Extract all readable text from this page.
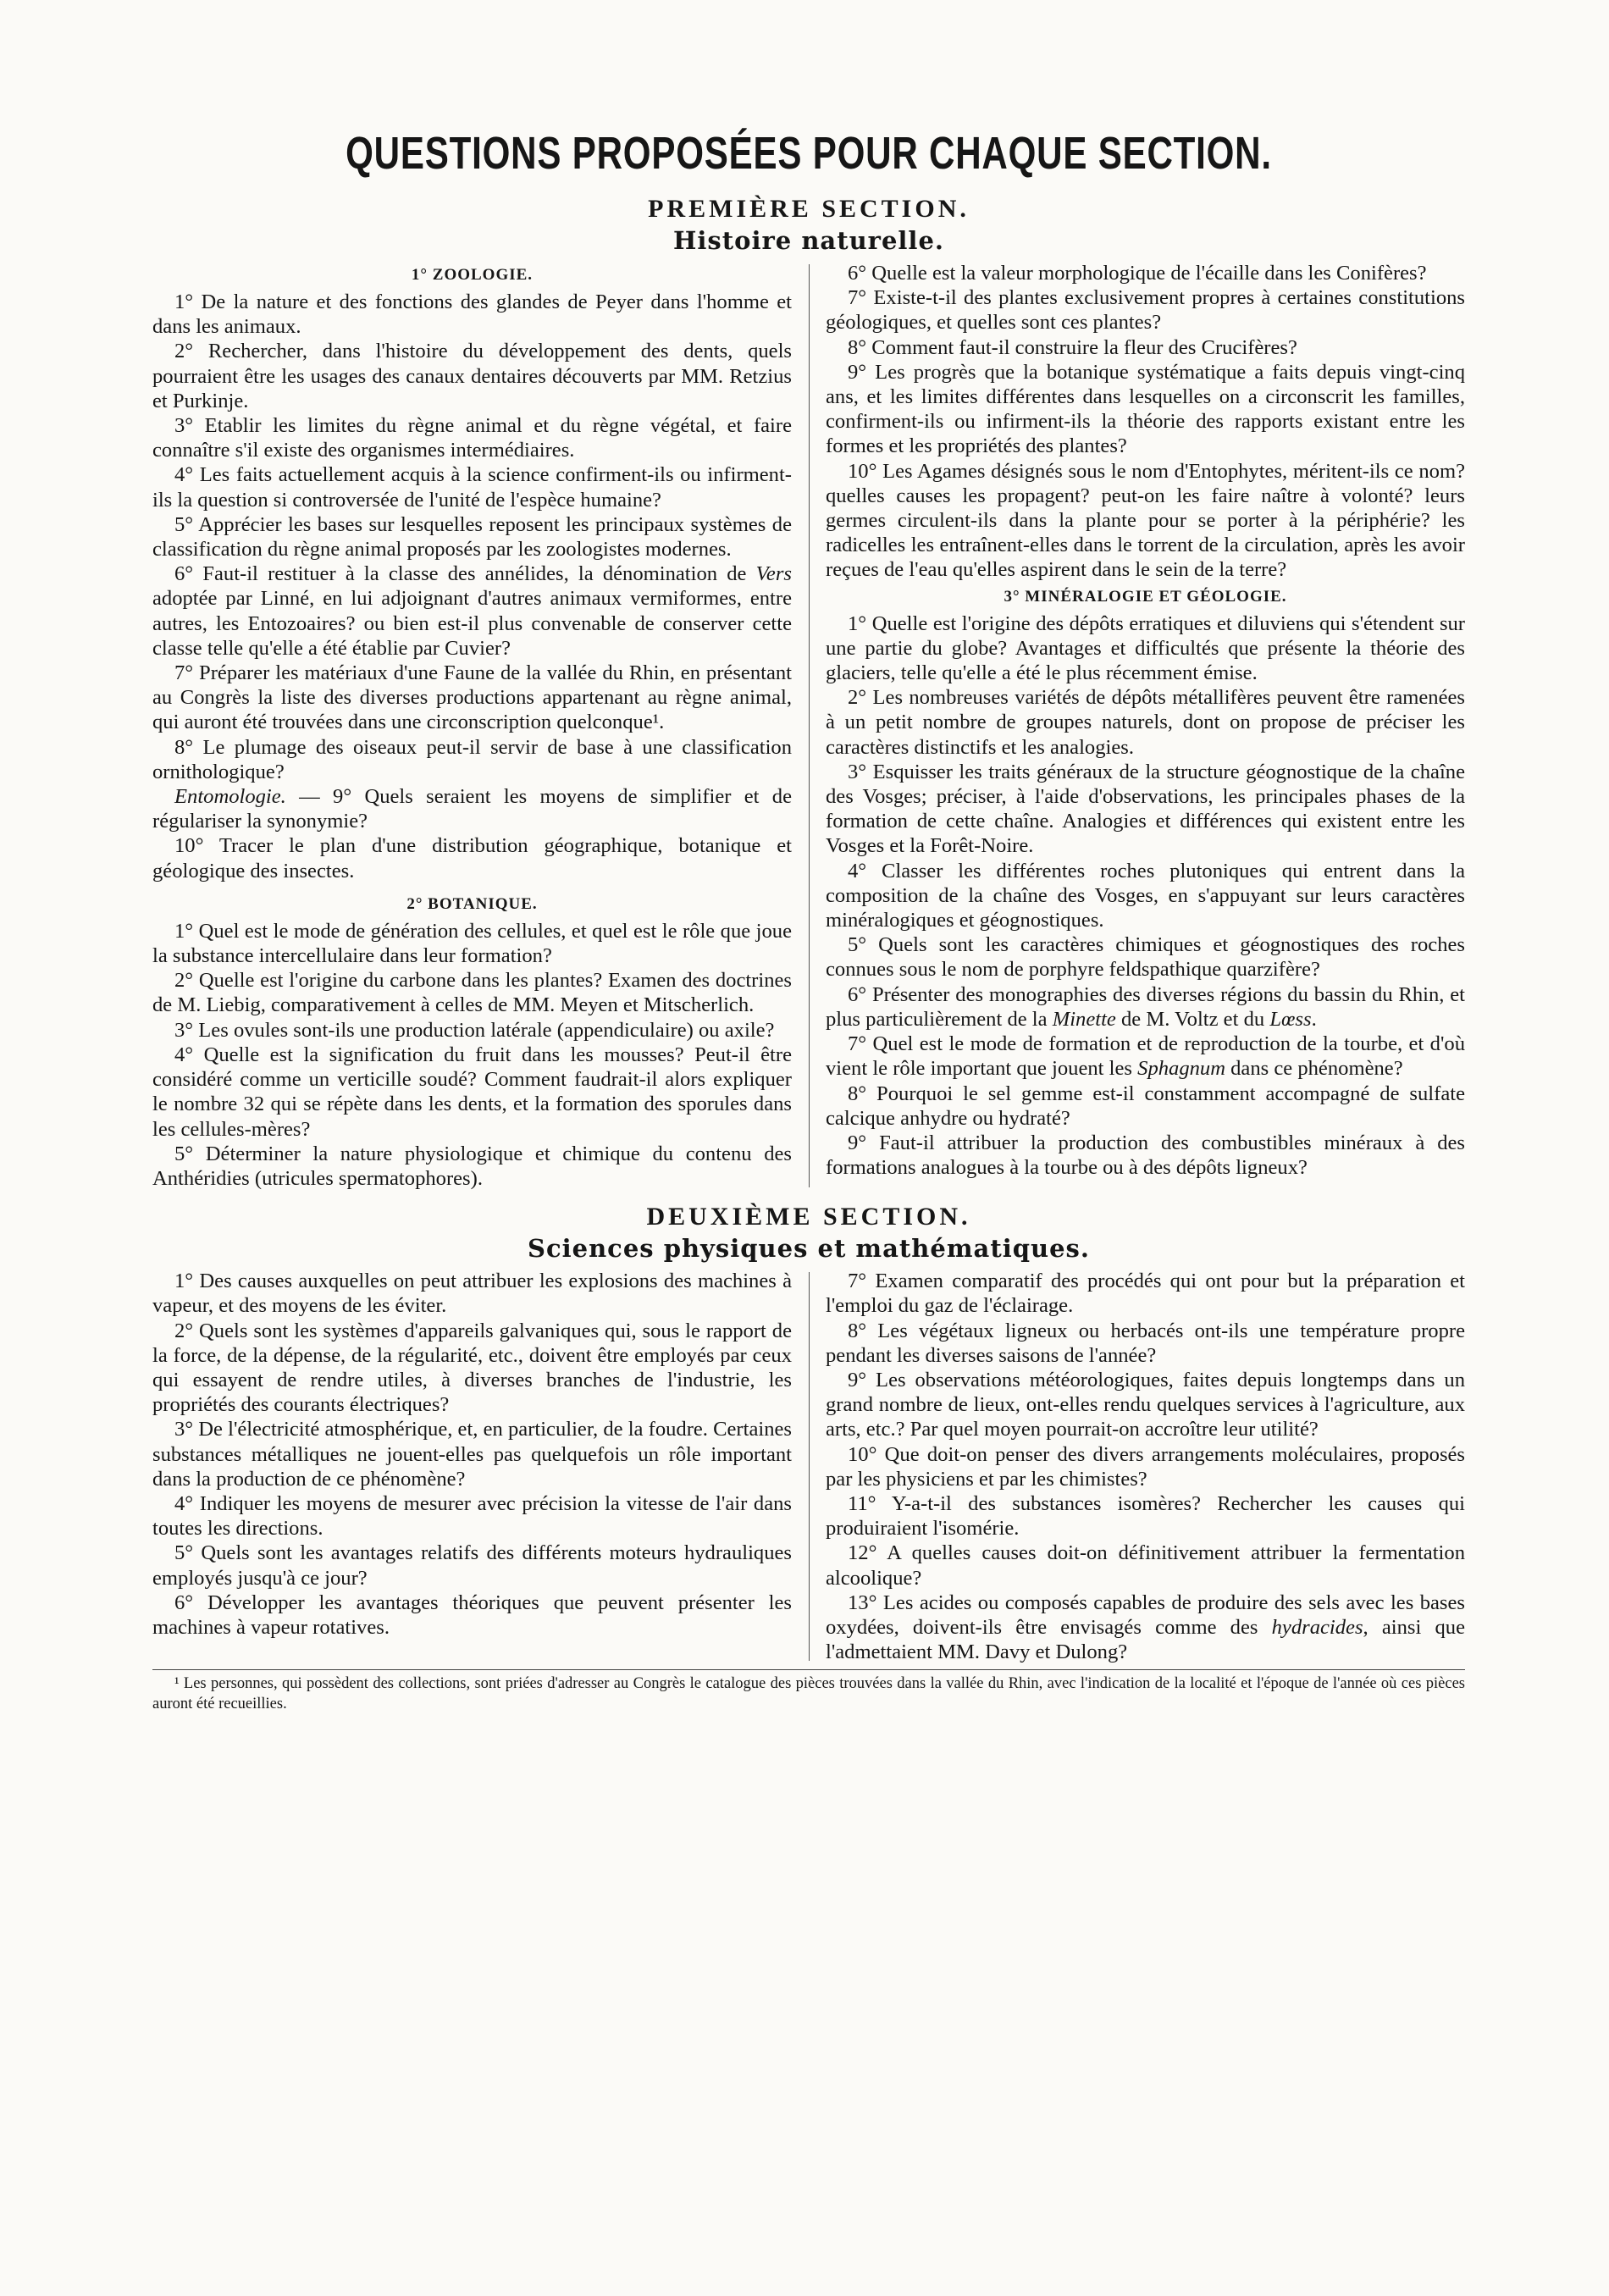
QUESTIONS PROPOSÉES POUR CHAQUE SECTION.
PREMIÈRE SECTION.
Histoire naturelle.
1° ZOOLOGIE.

1° De la nature et des fonctions des glandes de Peyer dans l'homme et dans les animaux.

2° Rechercher, dans l'histoire du développement des dents, quels pourraient être les usages des canaux dentaires découverts par MM. Retzius et Purkinje.

3° Etablir les limites du règne animal et du règne végétal, et faire connaître s'il existe des organismes intermédiaires.

4° Les faits actuellement acquis à la science confirment-ils ou infirment-ils la question si controversée de l'unité de l'espèce humaine?

5° Apprécier les bases sur lesquelles reposent les principaux systèmes de classification du règne animal proposés par les zoologistes modernes.

6° Faut-il restituer à la classe des annélides, la dénomination de Vers adoptée par Linné, en lui adjoignant d'autres animaux vermiformes, entre autres, les Entozoaires? ou bien est-il plus convenable de conserver cette classe telle qu'elle a été établie par Cuvier?

7° Préparer les matériaux d'une Faune de la vallée du Rhin, en présentant au Congrès la liste des diverses productions appartenant au règne animal, qui auront été trouvées dans une circonscription quelconque¹.

8° Le plumage des oiseaux peut-il servir de base à une classification ornithologique?

Entomologie. — 9° Quels seraient les moyens de simplifier et de régulariser la synonymie?

10° Tracer le plan d'une distribution géographique, botanique et géologique des insectes.

2° BOTANIQUE.

1° Quel est le mode de génération des cellules, et quel est le rôle que joue la substance intercellulaire dans leur formation?

2° Quelle est l'origine du carbone dans les plantes? Examen des doctrines de M. Liebig, comparativement à celles de MM. Meyen et Mitscherlich.

3° Les ovules sont-ils une production latérale (appendiculaire) ou axile?

4° Quelle est la signification du fruit dans les mousses? Peut-il être considéré comme un verticille soudé? Comment faudrait-il alors expliquer le nombre 32 qui se répète dans les dents, et la formation des sporules dans les cellules-mères?

5° Déterminer la nature physiologique et chimique du contenu des Anthéridies (utricules spermatophores).

6° Quelle est la valeur morphologique de l'écaille dans les Conifères?

7° Existe-t-il des plantes exclusivement propres à certaines constitutions géologiques, et quelles sont ces plantes?

8° Comment faut-il construire la fleur des Crucifères?

9° Les progrès que la botanique systématique a faits depuis vingt-cinq ans, et les limites différentes dans lesquelles on a circonscrit les familles, confirment-ils ou infirment-ils la théorie des rapports existant entre les formes et les propriétés des plantes?

10° Les Agames désignés sous le nom d'Entophytes, méritent-ils ce nom? quelles causes les propagent? peut-on les faire naître à volonté? leurs germes circulent-ils dans la plante pour se porter à la périphérie? les radicelles les entraînent-elles dans le torrent de la circulation, après les avoir reçues de l'eau qu'elles aspirent dans le sein de la terre?

3° MINÉRALOGIE ET GÉOLOGIE.

1° Quelle est l'origine des dépôts erratiques et diluviens qui s'étendent sur une partie du globe? Avantages et difficultés que présente la théorie des glaciers, telle qu'elle a été le plus récemment émise.

2° Les nombreuses variétés de dépôts métallifères peuvent être ramenées à un petit nombre de groupes naturels, dont on propose de préciser les caractères distinctifs et les analogies.

3° Esquisser les traits généraux de la structure géognostique de la chaîne des Vosges; préciser, à l'aide d'observations, les principales phases de la formation de cette chaîne. Analogies et différences qui existent entre les Vosges et la Forêt-Noire.

4° Classer les différentes roches plutoniques qui entrent dans la composition de la chaîne des Vosges, en s'appuyant sur leurs caractères minéralogiques et géognostiques.

5° Quels sont les caractères chimiques et géognostiques des roches connues sous le nom de porphyre feldspathique quarzifère?

6° Présenter des monographies des diverses régions du bassin du Rhin, et plus particulièrement de la Minette de M. Voltz et du Lœss.

7° Quel est le mode de formation et de reproduction de la tourbe, et d'où vient le rôle important que jouent les Sphagnum dans ce phénomène?

8° Pourquoi le sel gemme est-il constamment accompagné de sulfate calcique anhydre ou hydraté?

9° Faut-il attribuer la production des combustibles minéraux à des formations analogues à la tourbe ou à des dépôts ligneux?

DEUXIÈME SECTION.
Sciences physiques et mathématiques.

1° Des causes auxquelles on peut attribuer les explosions des machines à vapeur, et des moyens de les éviter.

2° Quels sont les systèmes d'appareils galvaniques qui, sous le rapport de la force, de la dépense, de la régularité, etc., doivent être employés par ceux qui essayent de rendre utiles, à diverses branches de l'industrie, les propriétés des courants électriques?

3° De l'électricité atmosphérique, et, en particulier, de la foudre. Certaines substances métalliques ne jouent-elles pas quelquefois un rôle important dans la production de ce phénomène?

4° Indiquer les moyens de mesurer avec précision la vitesse de l'air dans toutes les directions.

5° Quels sont les avantages relatifs des différents moteurs hydrauliques employés jusqu'à ce jour?

6° Développer les avantages théoriques que peuvent présenter les machines à vapeur rotatives.

7° Examen comparatif des procédés qui ont pour but la préparation et l'emploi du gaz de l'éclairage.

8° Les végétaux ligneux ou herbacés ont-ils une température propre pendant les diverses saisons de l'année?

9° Les observations météorologiques, faites depuis longtemps dans un grand nombre de lieux, ont-elles rendu quelques services à l'agriculture, aux arts, etc.? Par quel moyen pourrait-on accroître leur utilité?

10° Que doit-on penser des divers arrangements moléculaires, proposés par les physiciens et par les chimistes?

11° Y-a-t-il des substances isomères? Rechercher les causes qui produiraient l'isomérie.

12° A quelles causes doit-on définitivement attribuer la fermentation alcoolique?

13° Les acides ou composés capables de produire des sels avec les bases oxydées, doivent-ils être envisagés comme des hydracides, ainsi que l'admettaient MM. Davy et Dulong?

¹ Les personnes, qui possèdent des collections, sont priées d'adresser au Congrès le catalogue des pièces trouvées dans la vallée du Rhin, avec l'indication de la localité et l'époque de l'année où ces pièces auront été recueillies.
